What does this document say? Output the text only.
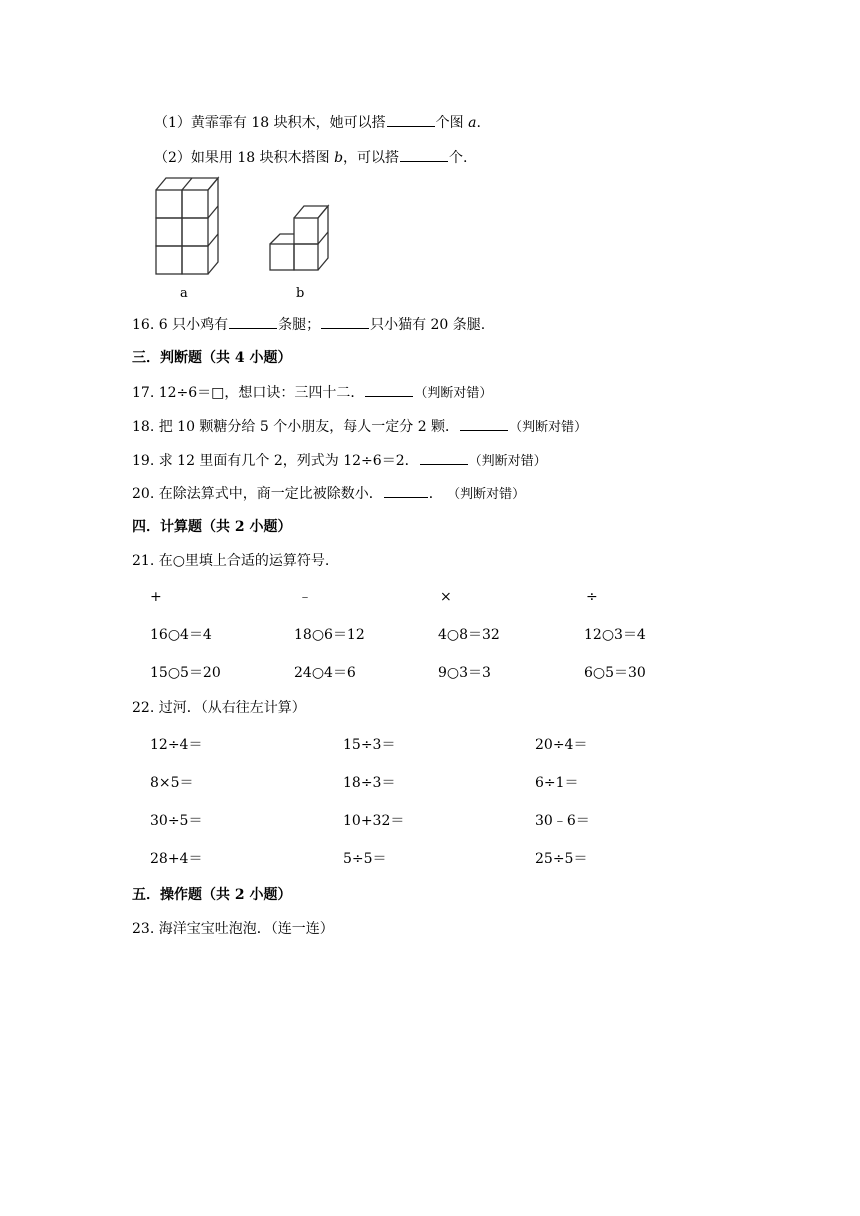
（1）黄霏霏有 18 块积木，她可以搭	个图 a.
（2）如果用 18 块积木搭图 b，可以搭	个.
a	b
16. 6 只小鸡有	条腿；	只小猫有 20 条腿.
三．判断题（共 4 小题）
17. 12÷6＝□，想口诀：三四十二．	（判断对错）
18. 把 10 颗糖分给 5 个小朋友，每人一定分 2 颗．	（判断对错）
19. 求 12 里面有几个 2，列式为 12÷6＝2．	（判断对错）
20. 在除法算式中，商一定比被除数小．	． （判断对错）
四．计算题（共 2 小题）
21. 在○里填上合适的运算符号.
+	﹣	×	÷
16○4＝4	18○6＝12	4○8＝32	12○3＝4
15○5＝20	24○4＝6	9○3＝3	6○5＝30
22. 过河．（从右往左计算）
12÷4＝	15÷3＝	20÷4＝
8×5＝	18÷3＝	6÷1＝
30÷5＝	10+32＝	30﹣6＝
28+4＝	5÷5＝	25÷5＝
五．操作题（共 2 小题）
23. 海洋宝宝吐泡泡．（连一连）
